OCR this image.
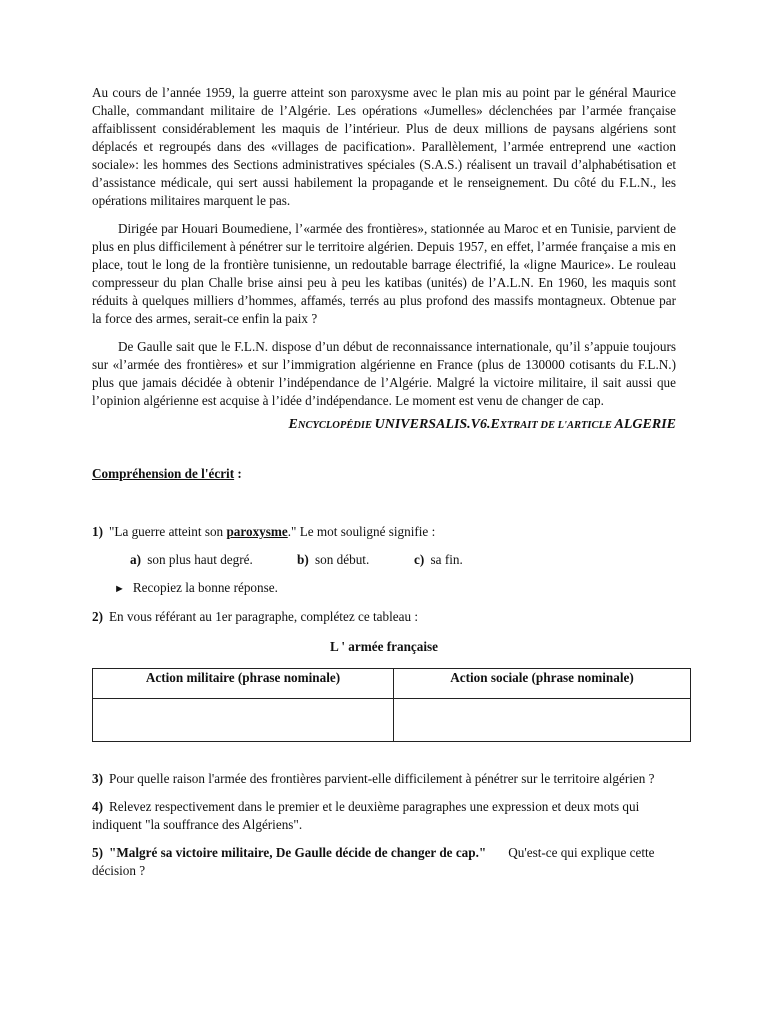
Au cours de l’année 1959, la guerre atteint son paroxysme avec le plan mis au point par le général Maurice Challe, commandant militaire de l’Algérie. Les opérations «Jumelles» déclenchées par l’armée française affaiblissent considérablement les maquis de l’intérieur. Plus de deux millions de paysans algériens sont déplacés et regroupés dans des «villages de pacification». Parallèlement, l’armée entreprend une «action sociale»: les hommes des Sections administratives spéciales (S.A.S.) réalisent un travail d’alphabétisation et d’assistance médicale, qui sert aussi habilement la propagande et le renseignement. Du côté du F.L.N., les opérations militaires marquent le pas.

Dirigée par Houari Boumediene, l’«armée des frontières», stationnée au Maroc et en Tunisie, parvient de plus en plus difficilement à pénétrer sur le territoire algérien. Depuis 1957, en effet, l’armée française a mis en place, tout le long de la frontière tunisienne, un redoutable barrage électrifié, la «ligne Maurice». Le rouleau compresseur du plan Challe brise ainsi peu à peu les katibas (unités) de l’A.L.N. En 1960, les maquis sont réduits à quelques milliers d’hommes, affamés, terrés au plus profond des massifs montagneux. Obtenue par la force des armes, serait-ce enfin la paix ?

De Gaulle sait que le F.L.N. dispose d’un début de reconnaissance internationale, qu’il s’appuie toujours sur «l’armée des frontières» et sur l’immigration algérienne en France (plus de 130000 cotisants du F.L.N.) plus que jamais décidée à obtenir l’indépendance de l’Algérie. Malgré la victoire militaire, il sait aussi que l’opinion algérienne est acquise à l’idée d’indépendance. Le moment est venu de changer de cap.

ENCYCLOPÉDIE UNIVERSALIS.V6.EXTRAIT DE L'ARTICLE ALGERIE

Compréhension de l'écrit :

1) "La guerre atteint son paroxysme." Le mot souligné signifie :

a) son plus haut degré.	b) son début.	c) sa fin.

► Recopiez la bonne réponse.

2) En vous référant au 1er paragraphe, complétez ce tableau :

L ' armée française

Action militaire (phrase nominale)	Action sociale (phrase nominale)

3) Pour quelle raison l'armée des frontières parvient-elle difficilement à pénétrer sur le territoire algérien ?

4) Relevez respectivement dans le premier et le deuxième paragraphes une expression et deux mots qui indiquent "la souffrance des Algériens".

5) "Malgré sa victoire militaire, De Gaulle décide de changer de cap." Qu'est-ce qui explique cette décision ?
